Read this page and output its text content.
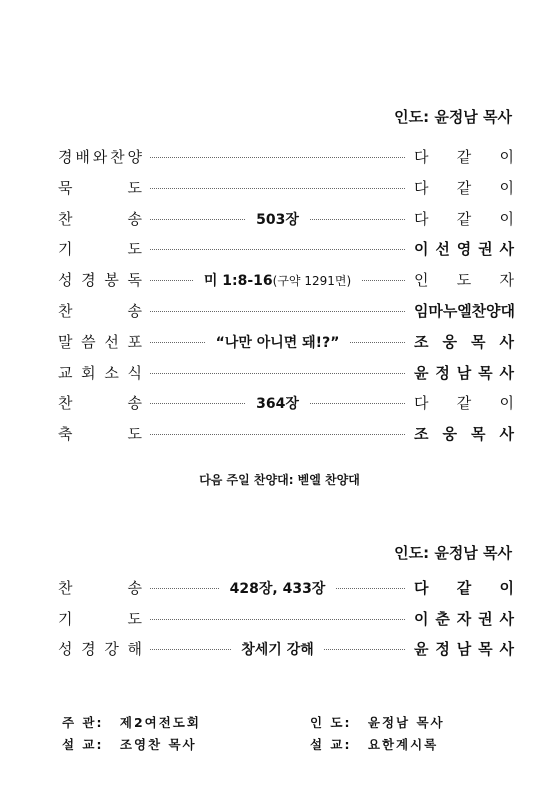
인도: 윤정남 목사
경 배 와 찬 양	다 같 이
묵	도	다 같 이
찬	송	503장	다 같 이
기	도	이 선 영 권 사
성 경 봉 독	미 1:8-16(구약 1291면)	인 도 자
찬	송	임 마 누 엘 찬 양 대
말 씀 선 포	“나만 아니면 돼!?”	조 웅 목 사
교 회 소 식	윤 정 남 목 사
찬	송	364장	다 같 이
축	도	조 웅 목 사
다음 주일 찬양대: 벧엘 찬양대
인도: 윤정남 목사
찬	송	428장, 433장	다 같 이
기	도	이 춘 자 권 사
성 경 강 해	창세기 강해	윤 정 남 목 사
주 관: 제2여전도회
설 교: 조영찬 목사
인 도: 윤정남 목사
설 교: 요한계시록
